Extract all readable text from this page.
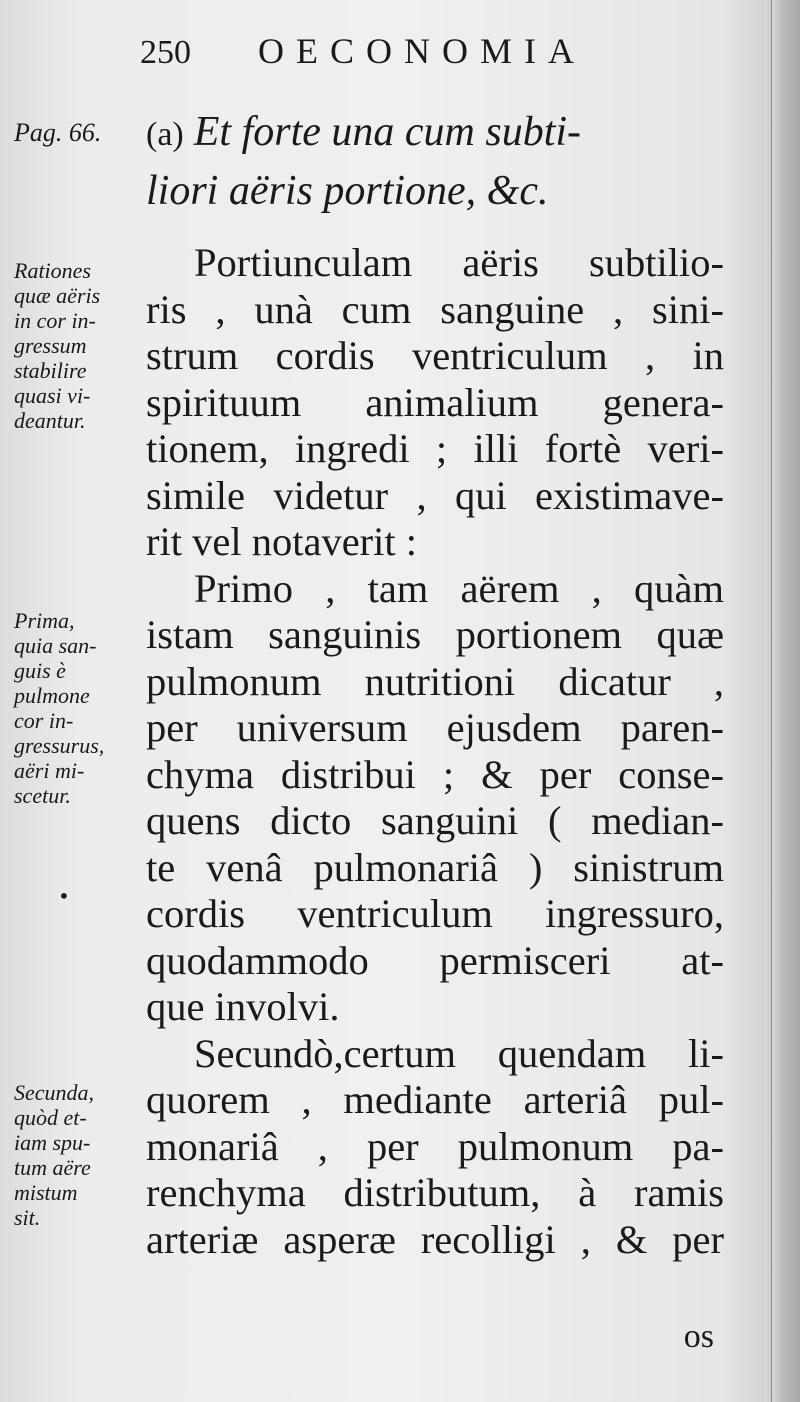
250 OECONOMIA
Pag. 66. (a) Et forte una cum subti-
liori aëris portione, &c.
Rationes
quæ aëris
in cor in-
gressum
stabilire
quasi vi-
deantur.
Prima,
quia san-
guis è
pulmone
cor in-
gressurus,
aëri mi-
scetur.
•
Secunda,
quòd et-
iam spu-
tum aëre
mistum
sit.
Portiunculam aëris subtilio-
ris , unà cum sanguine , sini-
strum cordis ventriculum , in
spirituum animalium genera-
tionem, ingredi ; illi fortè veri-
simile videtur , qui existimave-
rit vel notaverit :
Primo , tam aërem , quàm
istam sanguinis portionem quæ
pulmonum nutritioni dicatur ,
per universum ejusdem paren-
chyma distribui ; & per conse-
quens dicto sanguini ( median-
te venâ pulmonariâ ) sinistrum
cordis ventriculum ingressuro,
quodammodo permisceri at-
que involvi.
Secundò,certum quendam li-
quorem , mediante arteriâ pul-
monariâ , per pulmonum pa-
renchyma distributum, à ramis
arteriæ asperæ recolligi , & per
os
